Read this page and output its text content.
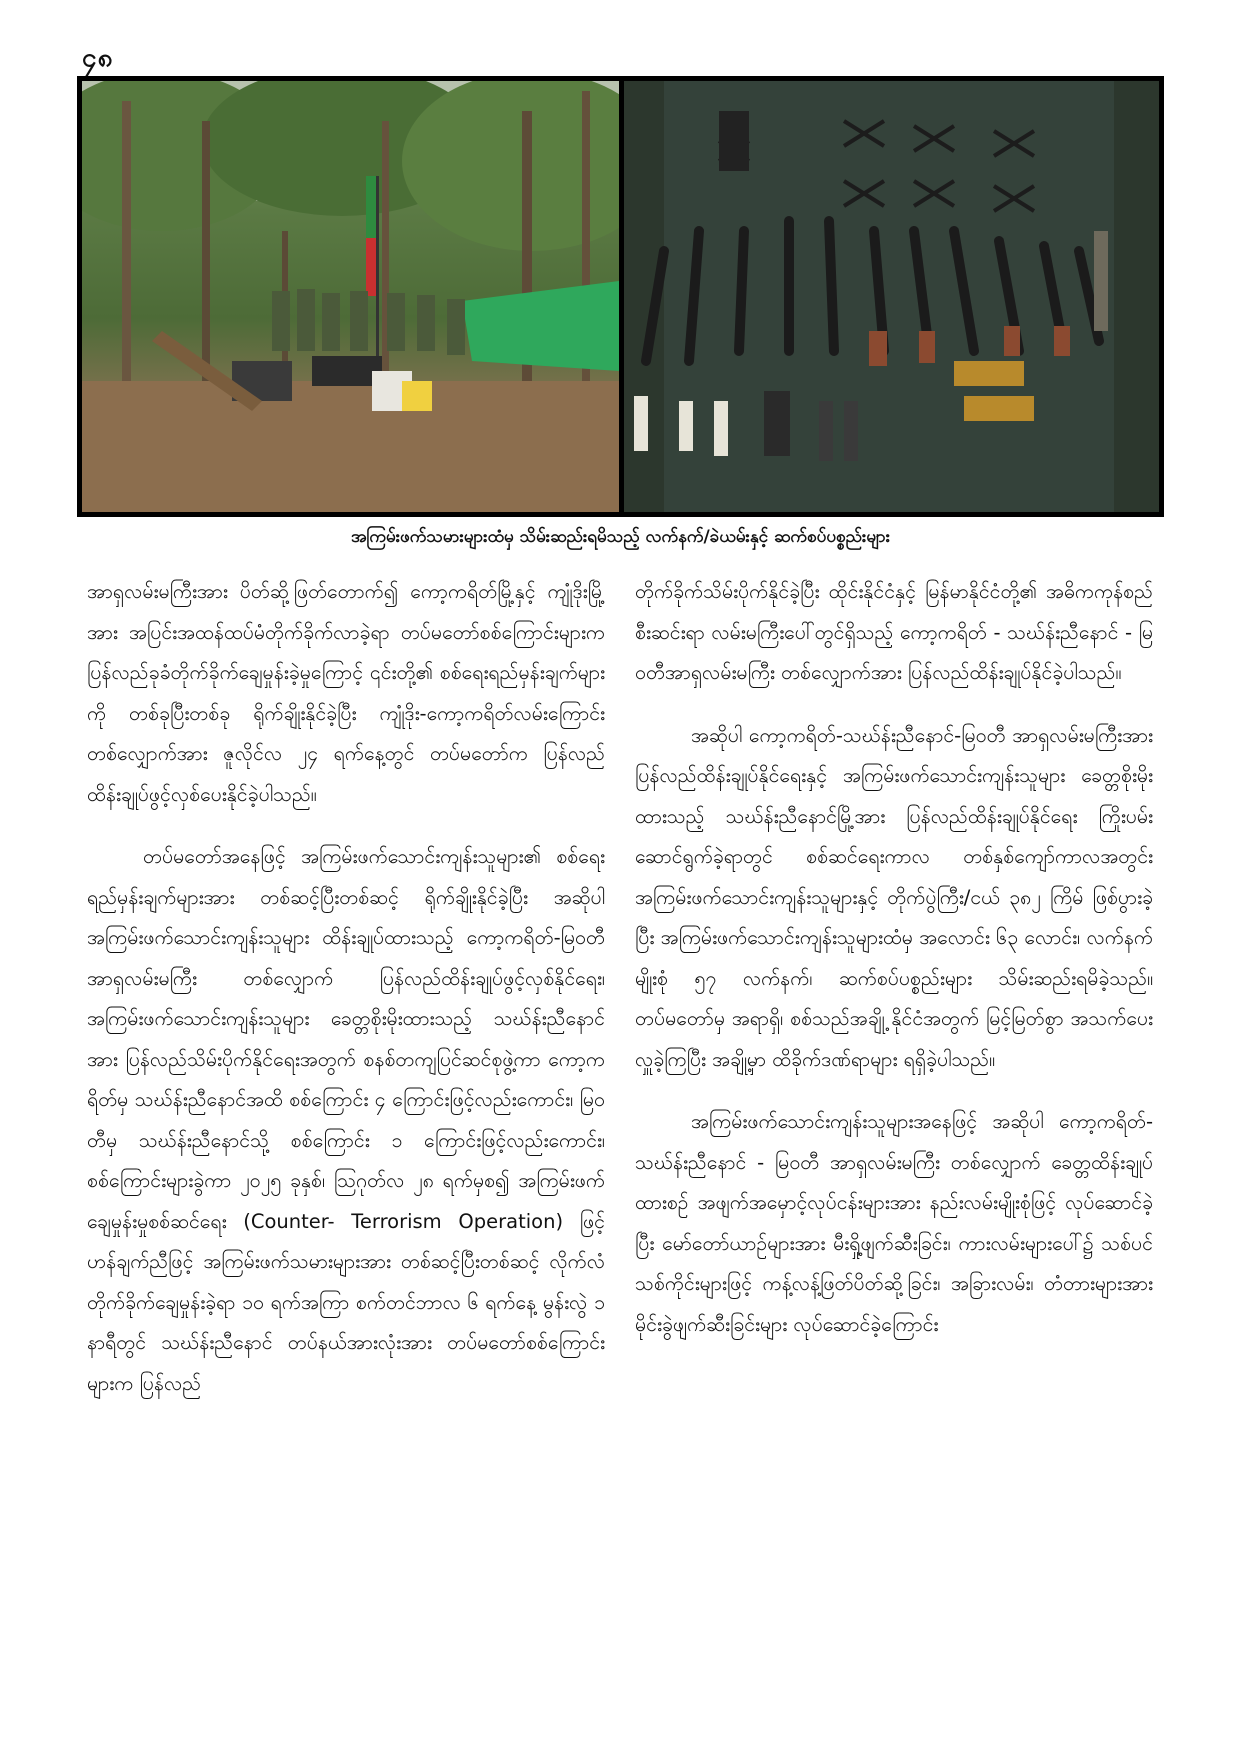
၄၈
အကြမ်းဖက်သမားများထံမှ သိမ်းဆည်းရမိသည့် လက်နက်/ခဲယမ်းနှင့် ဆက်စပ်ပစ္စည်းများ

အာရှလမ်းမကြီးအား ပိတ်ဆို့ဖြတ်တောက်၍ ကော့ကရိတ်မြို့နှင့် ကျုံဒိုးမြို့အား အပြင်းအထန်ထပ်မံတိုက်ခိုက်လာခဲ့ရာ တပ်မတော်စစ်ကြောင်းများက ပြန်လည်ခုခံတိုက်ခိုက်ချေမှုန်းခဲ့မှုကြောင့် ၎င်းတို့၏ စစ်ရေးရည်မှန်းချက်များကို တစ်ခုပြီးတစ်ခု ရိုက်ချိုးနိုင်ခဲ့ပြီး ကျုံဒိုး-ကော့ကရိတ်လမ်းကြောင်း တစ်လျှောက်အား ဇူလိုင်လ ၂၄ ရက်နေ့တွင် တပ်မတော်က ပြန်လည်ထိန်းချုပ်ဖွင့်လှစ်ပေးနိုင်ခဲ့ပါသည်။

တပ်မတော်အနေဖြင့် အကြမ်းဖက်သောင်းကျန်းသူများ၏ စစ်ရေးရည်မှန်းချက်များအား တစ်ဆင့်ပြီးတစ်ဆင့် ရိုက်ချိုးနိုင်ခဲ့ပြီး အဆိုပါအကြမ်းဖက်သောင်းကျန်းသူများ ထိန်းချုပ်ထားသည့် ကော့ကရိတ်-မြဝတီ အာရှလမ်းမကြီး တစ်လျှောက် ပြန်လည်ထိန်းချုပ်ဖွင့်လှစ်နိုင်ရေး၊ အကြမ်းဖက်သောင်းကျန်းသူများ ခေတ္တစိုးမိုးထားသည့် သဃ်န်းညီနောင်အား ပြန်လည်သိမ်းပိုက်နိုင်ရေးအတွက် စနစ်တကျပြင်ဆင်စုဖွဲ့ကာ ကော့ကရိတ်မှ သဃ်န်းညီနောင်အထိ စစ်ကြောင်း ၄ ကြောင်းဖြင့်လည်းကောင်း၊ မြဝတီမှ သဃ်န်းညီနောင်သို့ စစ်ကြောင်း ၁ ကြောင်းဖြင့်လည်းကောင်း၊ စစ်ကြောင်းများခွဲကာ ၂၀၂၅ ခုနှစ်၊ ဩဂုတ်လ ၂၈ ရက်မှစ၍ အကြမ်းဖက်ချေမှုန်းမှုစစ်ဆင်ရေး (Counter- Terrorism Operation) ဖြင့် ဟန်ချက်ညီဖြင့် အကြမ်းဖက်သမားများအား တစ်ဆင့်ပြီးတစ်ဆင့် လိုက်လံတိုက်ခိုက်ချေမှုန်းခဲ့ရာ ၁၀ ရက်အကြာ စက်တင်ဘာလ ၆ ရက်နေ့ မွန်းလွဲ ၁ နာရီတွင် သဃ်န်းညီနောင် တပ်နယ်အားလုံးအား တပ်မတော်စစ်ကြောင်းများက ပြန်လည်

တိုက်ခိုက်သိမ်းပိုက်နိုင်ခဲ့ပြီး ထိုင်းနိုင်ငံနှင့် မြန်မာနိုင်ငံတို့၏ အဓိကကုန်စည်စီးဆင်းရာ လမ်းမကြီးပေါ်တွင်ရှိသည့် ကော့ကရိတ် - သဃ်န်းညီနောင် - မြဝတီအာရှလမ်းမကြီး တစ်လျှောက်အား ပြန်လည်ထိန်းချုပ်နိုင်ခဲ့ပါသည်။

အဆိုပါ ကော့ကရိတ်-သဃ်န်းညီနောင်-မြဝတီ အာရှလမ်းမကြီးအား ပြန်လည်ထိန်းချုပ်နိုင်ရေးနှင့် အကြမ်းဖက်သောင်းကျန်းသူများ ခေတ္တစိုးမိုးထားသည့် သဃ်န်းညီနောင်မြို့အား ပြန်လည်ထိန်းချုပ်နိုင်ရေး ကြိုးပမ်းဆောင်ရွက်ခဲ့ရာတွင် စစ်ဆင်ရေးကာလ တစ်နှစ်ကျော်ကာလအတွင်း အကြမ်းဖက်သောင်းကျန်းသူများနှင့် တိုက်ပွဲကြီး/ငယ် ၃၈၂ ကြိမ် ဖြစ်ပွားခဲ့ပြီး အကြမ်းဖက်သောင်းကျန်းသူများထံမှ အလောင်း ၆၃ လောင်း၊ လက်နက်မျိုးစုံ ၅၇ လက်နက်၊ ဆက်စပ်ပစ္စည်းများ သိမ်းဆည်းရမိခဲ့သည်။ တပ်မတော်မှ အရာရှိ၊ စစ်သည်အချို့ နိုင်ငံအတွက် မြင့်မြတ်စွာ အသက်ပေးလှူခဲ့ကြပြီး အချို့မှာ ထိခိုက်ဒဏ်ရာများ ရရှိခဲ့ပါသည်။

အကြမ်းဖက်သောင်းကျန်းသူများအနေဖြင့် အဆိုပါ ကော့ကရိတ်- သဃ်န်းညီနောင် - မြဝတီ အာရှလမ်းမကြီး တစ်လျှောက် ခေတ္တထိန်းချုပ်ထားစဉ် အဖျက်အမှောင့်လုပ်ငန်းများအား နည်းလမ်းမျိုးစုံဖြင့် လုပ်ဆောင်ခဲ့ပြီး မော်တော်ယာဉ်များအား မီးရှို့ဖျက်ဆီးခြင်း၊ ကားလမ်းများပေါ်၌ သစ်ပင်သစ်ကိုင်းများဖြင့် ကန့်လန့်ဖြတ်ပိတ်ဆို့ခြင်း၊ အခြားလမ်း၊ တံတားများအား မိုင်းခွဲဖျက်ဆီးခြင်းများ လုပ်ဆောင်ခဲ့ကြောင်း
